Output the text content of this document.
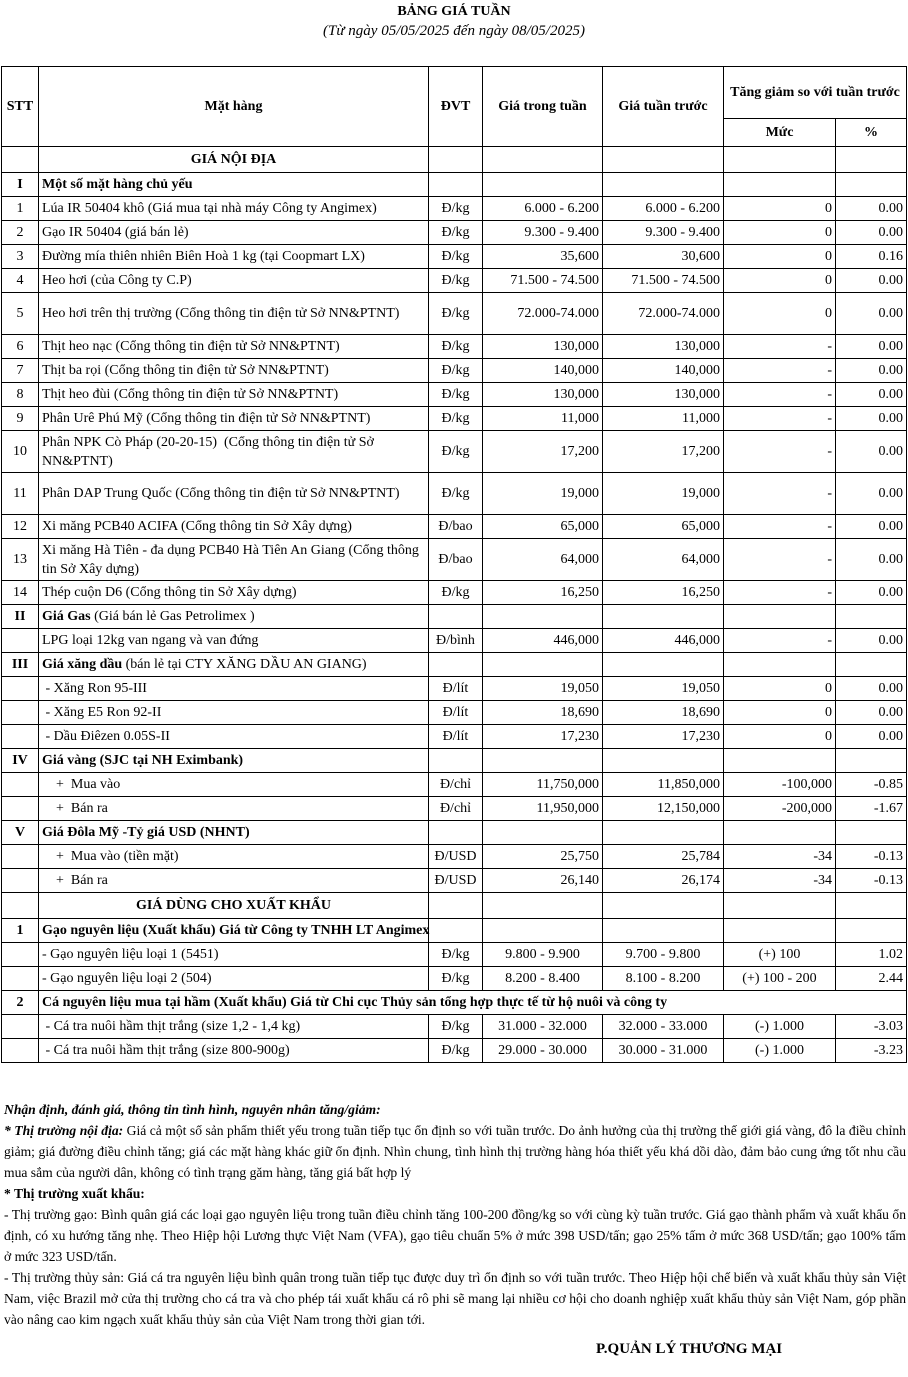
BẢNG GIÁ TUẦN
(Từ ngày 05/05/2025 đến ngày 08/05/2025)
STT	Mặt hàng	ĐVT	Giá trong tuần	Giá tuần trước	Tăng giảm so với tuần trước	
					Mức	%
	GIÁ NỘI ĐỊA					
I	Một số mặt hàng chủ yếu					
1	Lúa IR 50404 khô (Giá mua tại nhà máy Công ty Angimex)	Đ/kg	6.000 - 6.200	6.000 - 6.200	0	0.00
2	Gạo IR 50404 (giá bán lẻ)	Đ/kg	9.300 - 9.400	9.300 - 9.400	0	0.00
3	Đường mía thiên nhiên Biên Hoà 1 kg (tại Coopmart LX)	Đ/kg	35,600	30,600	0	0.16
4	Heo hơi (của Công ty C.P)	Đ/kg	71.500 - 74.500	71.500 - 74.500	0	0.00
5	Heo hơi trên thị trường (Cổng thông tin điện tử Sở NN&PTNT)	Đ/kg	72.000-74.000	72.000-74.000	0	0.00
6	Thịt heo nạc (Cổng thông tin điện tử Sở NN&PTNT)	Đ/kg	130,000	130,000	-	0.00
7	Thịt ba rọi (Cổng thông tin điện tử Sở NN&PTNT)	Đ/kg	140,000	140,000	-	0.00
8	Thịt heo đùi (Cổng thông tin điện tử Sở NN&PTNT)	Đ/kg	130,000	130,000	-	0.00
9	Phân Urê Phú Mỹ (Cổng thông tin điện tử Sở NN&PTNT)	Đ/kg	11,000	11,000	-	0.00
10	Phân NPK Cò Pháp (20-20-15)  (Cổng thông tin điện tử Sở NN&PTNT)	Đ/kg	17,200	17,200	-	0.00
11	Phân DAP Trung Quốc (Cổng thông tin điện tử Sở NN&PTNT)	Đ/kg	19,000	19,000	-	0.00
12	Xi măng PCB40 ACIFA (Cổng thông tin Sở Xây dựng)	Đ/bao	65,000	65,000	-	0.00
13	Xi măng Hà Tiên - đa dụng PCB40 Hà Tiên An Giang (Cổng thông tin Sở Xây dựng)	Đ/bao	64,000	64,000	-	0.00
14	Thép cuộn D6 (Cổng thông tin Sở Xây dựng)	Đ/kg	16,250	16,250	-	0.00
II	Giá Gas (Giá bán lẻ Gas Petrolimex )					
	LPG loại 12kg van ngang và van đứng	Đ/bình	446,000	446,000	-	0.00
III	Giá xăng dầu (bán lẻ tại CTY XĂNG DẦU AN GIANG)					
	- Xăng Ron 95-III	Đ/lít	19,050	19,050	0	0.00
	- Xăng E5 Ron 92-II	Đ/lít	18,690	18,690	0	0.00
	- Dầu Điêzen 0.05S-II	Đ/lít	17,230	17,230	0	0.00
IV	Giá vàng (SJC tại NH Eximbank)					
	+  Mua vào	Đ/chỉ	11,750,000	11,850,000	-100,000	-0.85
	+  Bán ra	Đ/chỉ	11,950,000	12,150,000	-200,000	-1.67
V	Giá Đôla Mỹ -Tỷ giá USD (NHNT)					
	+  Mua vào (tiền mặt)	Đ/USD	25,750	25,784	-34	-0.13
	+  Bán ra	Đ/USD	26,140	26,174	-34	-0.13
	GIÁ DÙNG CHO XUẤT KHẨU					
1	Gạo nguyên liệu (Xuất khẩu) Giá từ Công ty TNHH LT Angimex					
	- Gạo nguyên liệu loại 1 (5451)	Đ/kg	9.800 - 9.900	9.700 - 9.800	(+) 100	1.02
	- Gạo nguyên liệu loại 2 (504)	Đ/kg	8.200 - 8.400	8.100 - 8.200	(+) 100 - 200	2.44
2	Cá nguyên liệu mua tại hầm (Xuất khẩu) Giá từ Chi cục Thủy sản tổng hợp thực tế từ hộ nuôi và công ty					
	- Cá tra nuôi hầm thịt trắng (size 1,2 - 1,4 kg)	Đ/kg	31.000 - 32.000	32.000 - 33.000	(-) 1.000	-3.03
	- Cá tra nuôi hầm thịt trắng (size 800-900g)	Đ/kg	29.000 - 30.000	30.000 - 31.000	(-) 1.000	-3.23

Nhận định, đánh giá, thông tin tình hình, nguyên nhân tăng/giảm:

* Thị trường nội địa: Giá cả một số sản phẩm thiết yếu trong tuần tiếp tục ổn định so với tuần trước. Do ảnh hưởng của thị trường thế giới giá vàng, đô la điều chỉnh giảm; giá đường điều chỉnh tăng; giá các mặt hàng khác giữ ổn định. Nhìn chung, tình hình thị trường hàng hóa thiết yếu khá dồi dào, đảm bảo cung ứng tốt nhu cầu mua sắm của người dân, không có tình trạng găm hàng, tăng giá bất hợp lý

* Thị trường xuất khẩu:

- Thị trường gạo: Bình quân giá các loại gạo nguyên liệu trong tuần điều chỉnh tăng 100-200 đồng/kg so với cùng kỳ tuần trước. Giá gạo thành phẩm và xuất khẩu ổn định, có xu hướng tăng nhẹ. Theo Hiệp hội Lương thực Việt Nam (VFA), gạo tiêu chuẩn 5% ở mức 398 USD/tấn; gạo 25% tấm ở mức 368 USD/tấn; gạo 100% tấm ở mức 323 USD/tấn.

- Thị trường thủy sản: Giá cá tra nguyên liệu bình quân trong tuần tiếp tục được duy trì ổn định so với tuần trước. Theo Hiệp hội chế biến và xuất khẩu thủy sản Việt Nam, việc Brazil mở cửa thị trường cho cá tra và cho phép tái xuất khẩu cá rô phi sẽ mang lại nhiều cơ hội cho doanh nghiệp xuất khẩu thủy sản Việt Nam, góp phần vào nâng cao kim ngạch xuất khẩu thủy sản của Việt Nam trong thời gian tới.

P.QUẢN LÝ THƯƠNG MẠI
